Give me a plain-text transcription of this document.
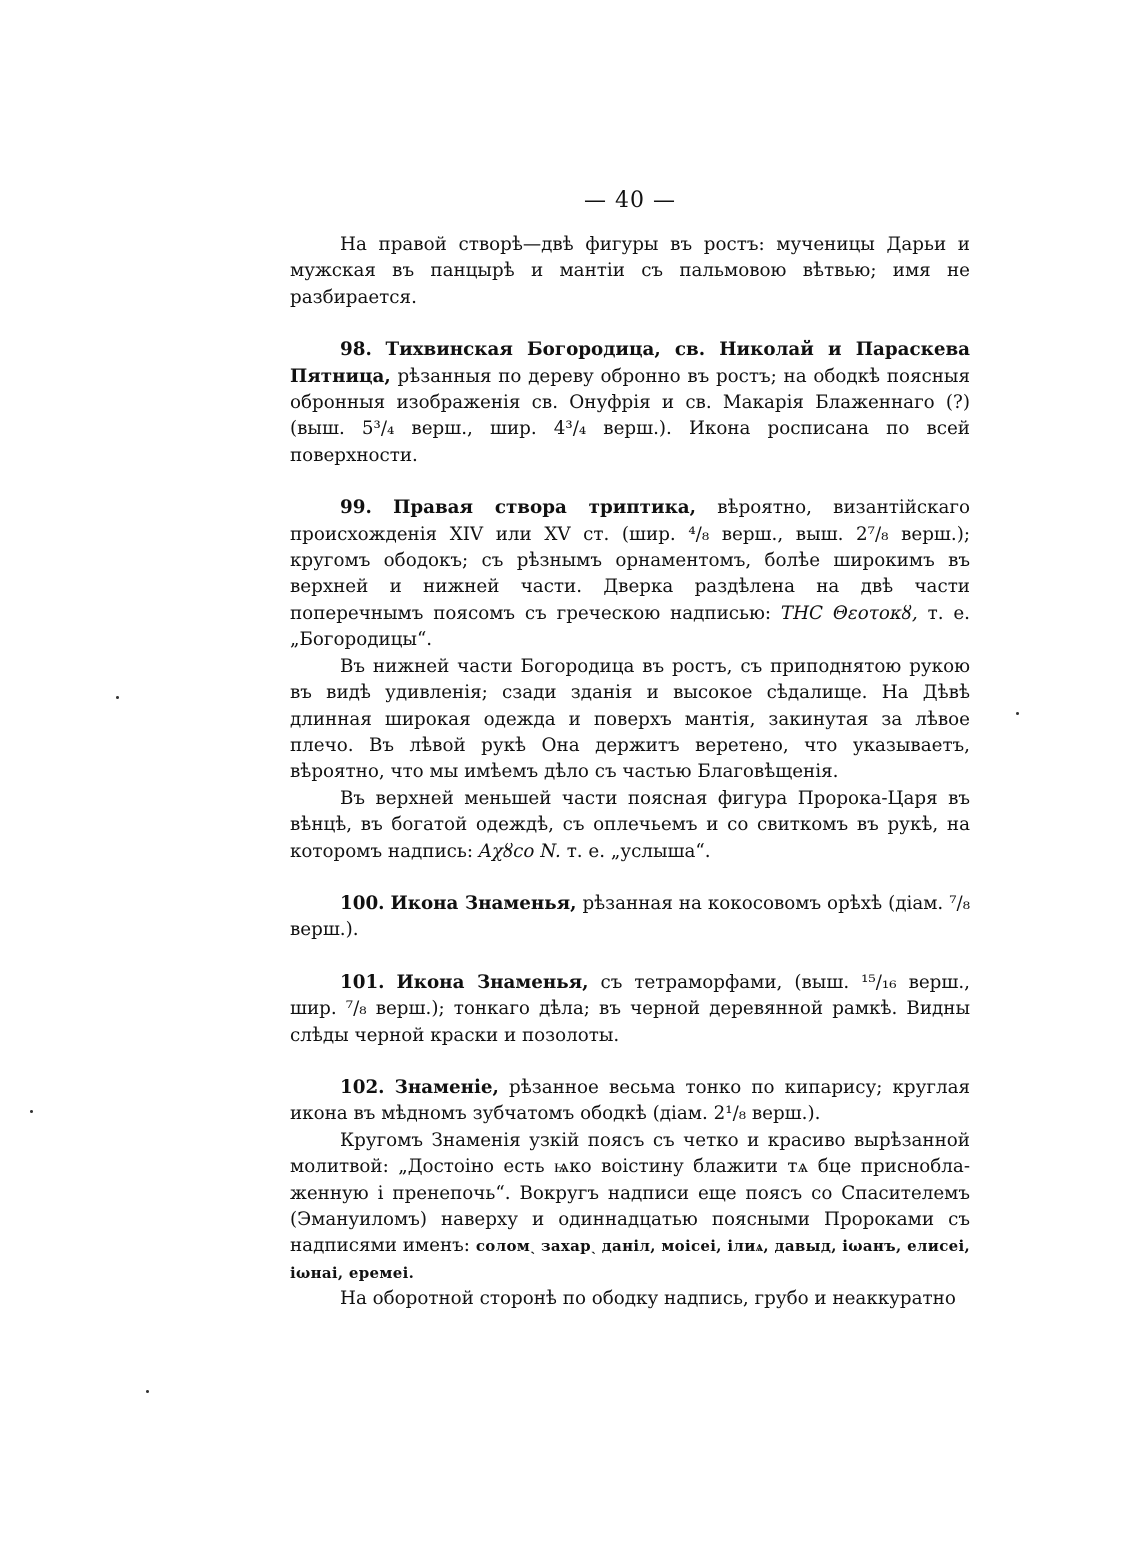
— 40 —

На правой створѣ—двѣ фигуры въ ростъ: мученицы Дарьи и мужская въ панцырѣ и мантіи съ пальмовою вѣтвью; имя не разбирается.

98. Тихвинская Богородица, св. Николай и Параскева Пятница, рѣзанныя по дереву обронно въ ростъ; на ободкѣ поясныя обронныя изображенія св. Онуфрія и св. Макарія Блаженнаго (?) (выш. 5³/₄ верш., шир. 4³/₄ верш.). Икона росписана по всей поверхности.

99. Правая створа триптика, вѣроятно, византійскаго происхожденія XIV или XV ст. (шир. ⁴/₈ верш., выш. 2⁷/₈ верш.); кругомъ ободокъ; съ рѣзнымъ орнаментомъ, болѣе широкимъ въ верхней и нижней части. Дверка раздѣлена на двѣ части поперечнымъ поясомъ съ греческою надписью: ΤΗС Θεοτοκȣ, т. е. „Богородицы“.

Въ нижней части Богородица въ ростъ, съ приподнятою рукою въ видѣ удивленія; сзади зданія и высокое сѣдалище. На Дѣвѣ длинная широкая одежда и поверхъ мантія, закинутая за лѣвое плечо. Въ лѣвой рукѣ Она держитъ веретено, что указываетъ, вѣроятно, что мы имѣемъ дѣло съ частью Благовѣщенія.

Въ верхней меньшей части поясная фигура Пророка-Царя въ вѣнцѣ, въ богатой одеждѣ, съ оплечьемъ и со свиткомъ въ рукѣ, на которомъ надпись: Αχȣсо N. т. е. „услыша“.

100. Икона Знаменья, рѣзанная на кокосовомъ орѣхѣ (діам. ⁷/₈ верш.).

101. Икона Знаменья, съ тетраморфами, (выш. ¹⁵/₁₆ верш., шир. ⁷/₈ верш.); тонкаго дѣла; въ черной деревянной рамкѣ. Видны слѣды черной краски и позолоты.

102. Знаменіе, рѣзанное весьма тонко по кипарису; круглая икона въ мѣдномъ зубчатомъ ободкѣ (діам. 2¹/₈ верш.).

Кругомъ Знаменія узкій поясъ съ четко и красиво вырѣзанной молитвой: „Достоіно есть ѩко воістину блажити тѧ бце присноблаженную і пренепочь“. Вокругъ надписи еще поясъ со Спасителемъ (Эмануиломъ) наверху и одиннадцатью поясными Пророками съ надписями именъ: соломˎ захарˎ даніл, моісеі, ілиѧ, давыд, іωанъ, елисеі, іωнаі, еремеі.

На оборотной сторонѣ по ободку надпись, грубо и неаккуратно
